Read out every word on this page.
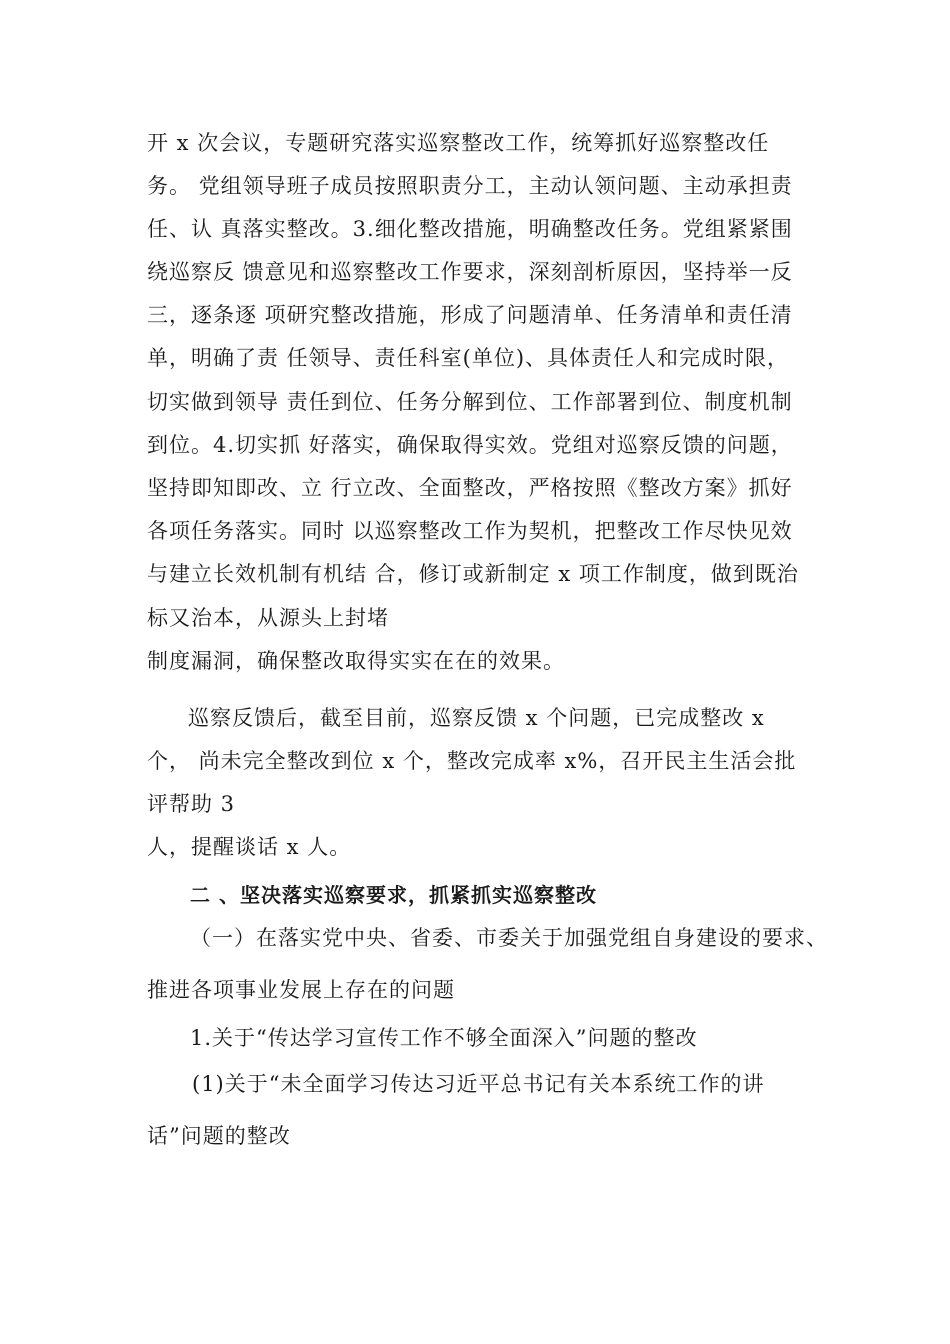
开 x 次会议，专题研究落实巡察整改工作，统筹抓好巡察整改任
务。 党组领导班子成员按照职责分工，主动认领问题、主动承担责
任、认 真落实整改。3.细化整改措施，明确整改任务。党组紧紧围
绕巡察反 馈意见和巡察整改工作要求，深刻剖析原因，坚持举一反
三，逐条逐 项研究整改措施，形成了问题清单、任务清单和责任清
单，明确了责 任领导、责任科室(单位)、具体责任人和完成时限，
切实做到领导 责任到位、任务分解到位、工作部署到位、制度机制
到位。4.切实抓 好落实，确保取得实效。党组对巡察反馈的问题，
坚持即知即改、立 行立改、全面整改，严格按照《整改方案》抓好
各项任务落实。同时 以巡察整改工作为契机，把整改工作尽快见效
与建立长效机制有机结 合，修订或新制定 x 项工作制度，做到既治
标又治本，从源头上封堵
制度漏洞，确保整改取得实实在在的效果。
巡察反馈后，截至目前，巡察反馈 x 个问题，已完成整改 x
个， 尚未完全整改到位 x 个，整改完成率 x%，召开民主生活会批
评帮助 3
人，提醒谈话 x 人。
二 、坚决落实巡察要求，抓紧抓实巡察整改
（一）在落实党中央、省委、市委关于加强党组自身建设的要求、
推进各项事业发展上存在的问题
1.关于“传达学习宣传工作不够全面深入”问题的整改
(1)关于“未全面学习传达习近平总书记有关本系统工作的讲
话”问题的整改
